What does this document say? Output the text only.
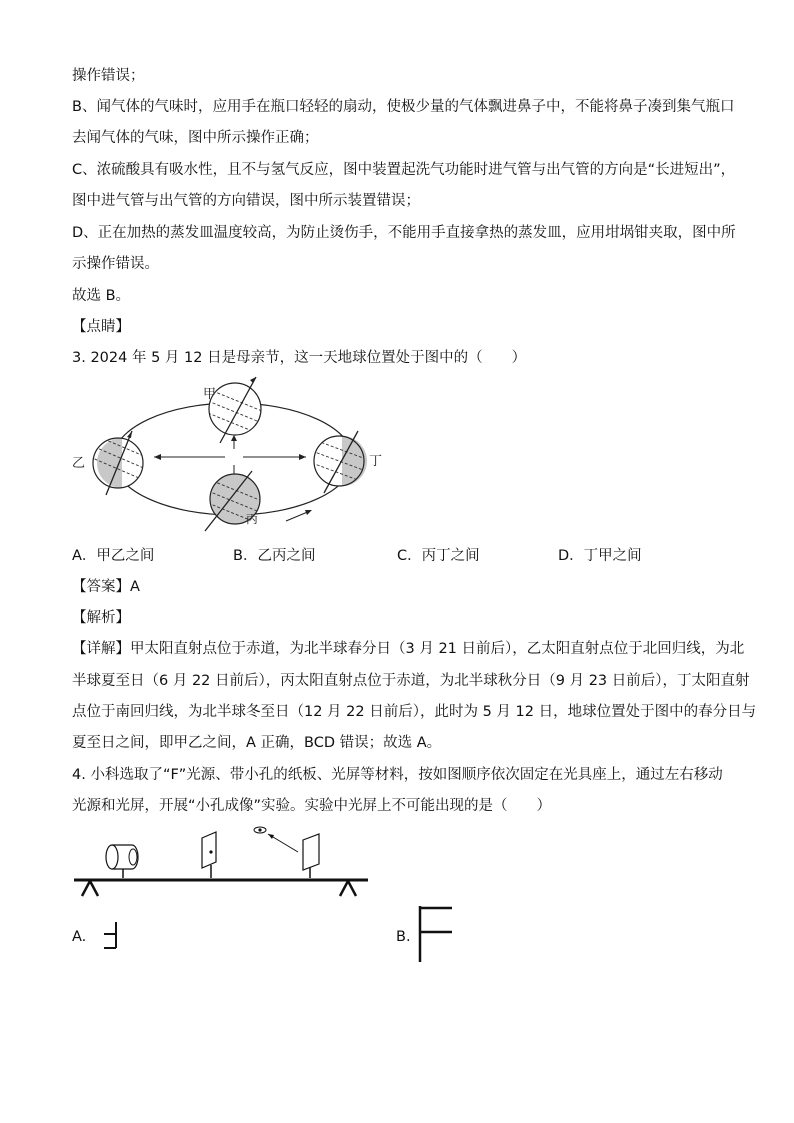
操作错误；
B、闻气体的气味时，应用手在瓶口轻轻的扇动，使极少量的气体飘进鼻子中，不能将鼻子凑到集气瓶口
去闻气体的气味，图中所示操作正确；
C、浓硫酸具有吸水性，且不与氢气反应，图中装置起洗气功能时进气管与出气管的方向是“长进短出”，
图中进气管与出气管的方向错误，图中所示装置错误；
D、正在加热的蒸发皿温度较高，为防止烫伤手，不能用手直接拿热的蒸发皿，应用坩埚钳夹取，图中所
示操作错误。
故选 B。
【点睛】
3. 2024 年 5 月 12 日是母亲节，这一天地球位置处于图中的（　　）
乙	丁
甲
丙
A．甲乙之间	B．乙丙之间	C．丙丁之间	D．丁甲之间
【答案】A
【解析】
【详解】甲太阳直射点位于赤道，为北半球春分日（3 月 21 日前后），乙太阳直射点位于北回归线，为北
半球夏至日（6 月 22 日前后），丙太阳直射点位于赤道，为北半球秋分日（9 月 23 日前后），丁太阳直射
点位于南回归线，为北半球冬至日（12 月 22 日前后），此时为 5 月 12 日，地球位置处于图中的春分日与
夏至日之间，即甲乙之间，A 正确，BCD 错误；故选 A。
4. 小科选取了“F”光源、带小孔的纸板、光屏等材料，按如图顺序依次固定在光具座上，通过左右移动
光源和光屏，开展“小孔成像”实验。实验中光屏上不可能出现的是（　　）
A.	B.
